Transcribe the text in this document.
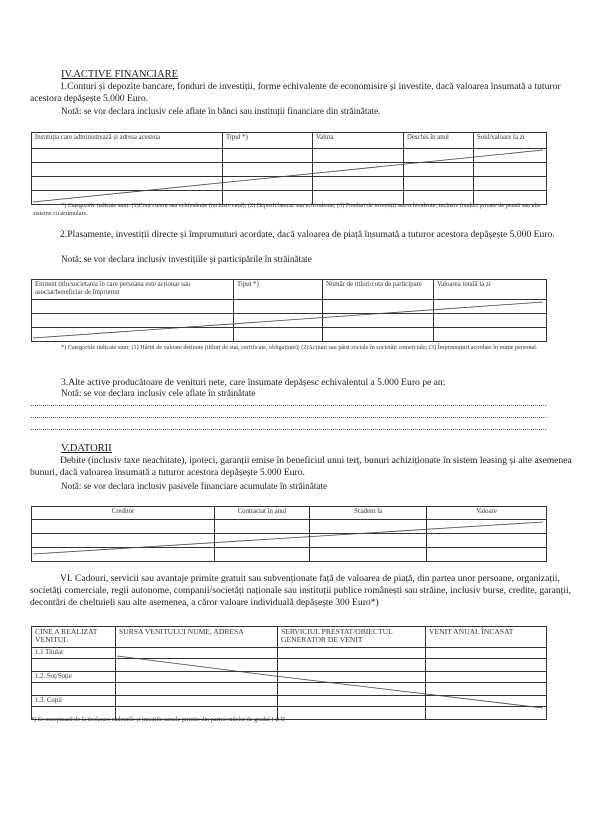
IV.ACTIVE FINANCIARE
1.Conturi și depozite bancare, fonduri de investiții, forme echivalente de economisire și investite, dacă valoarea însumată a tuturor acestora depășește 5.000 Euro.
Notă: se vor declara inclusiv cele aflate în bănci sau instituții financiare din străinătate.
Instituția care administrează și adresa acesteia	Tipul *)	Valuta	Deschis în anul	Sold/valoare la zi

*) Categoriile indicate sunt: (1)Cont curent sau echivalente (inclusiv card); (2) Depozit bancar sau echivalente; (3) Fonduri de investiții sau echivalente, inclusiv fonduri private de pensii sau alte sisteme cu acumulare.
2.Plasamente, investiții directe și împrumuturi acordate, dacă valoarea de piață însumată a tuturor acestora depășește 5.000 Euro.
Notă: se vor declara inclusiv investițiile și participările în străinătate
Emitent titlu/societatea în care persoana este acționar sau asociat/beneficiar de împrumut	Tipul *)	Număr de titluri/cota de participare	Valoarea totală la zi

*) Categoriile indicate sunt: (1) Hârtii de valoare deținute (titluri de stat, certificate, obligațiuni); (2)Acțiuni sau părți sociale în societăți comerciale; (3) Împrumuturi acordate în nume personal.
3.Alte active producătoare de venituri nete, care însumate depășesc echivalentul a 5.000 Euro pe an:
Notă: se vor declara inclusiv cele aflate în străinătate
V.DATORII
Debite (inclusiv taxe neachitate), ipoteci, garanții emise în beneficiul unui terț, bunuri achiziționate în sistem leasing și alte asemenea bunuri, dacă valoarea însumată a tuturor acestora depășește 5.000 Euro.
Notă: se vor declara inclusiv pasivele financiare acumulate în străinătate
Creditor	Contractat în anul	Scadent la	Valoare

VI. Cadouri, servicii sau avantaje primite gratuit sau subvenționate față de valoarea de piață, din partea unor persoane, organizații, societăți comerciale, regii autonome, companii/societăți naționale sau instituții publice românești sau străine, inclusiv burse, credite, garanții, decontări de cheltuieli sau alte asemenea, a căror valoare individuală depășește 300 Euro*)
CINE A REALIZAT VENITUL	SURSA VENITULUI NUME, ADRESA	SERVICIUL PRESTAT/OBIECTUL GENERATOR DE VENIT	VENIT ANUAL ÎNCASAT
1.1 Titular			

1.2. Soț/Soție			

1.3. Copii			

*) Se exceptează de la declarare cadourile și tratațiile uzuale primite din partea rudelor de gradul I și II
